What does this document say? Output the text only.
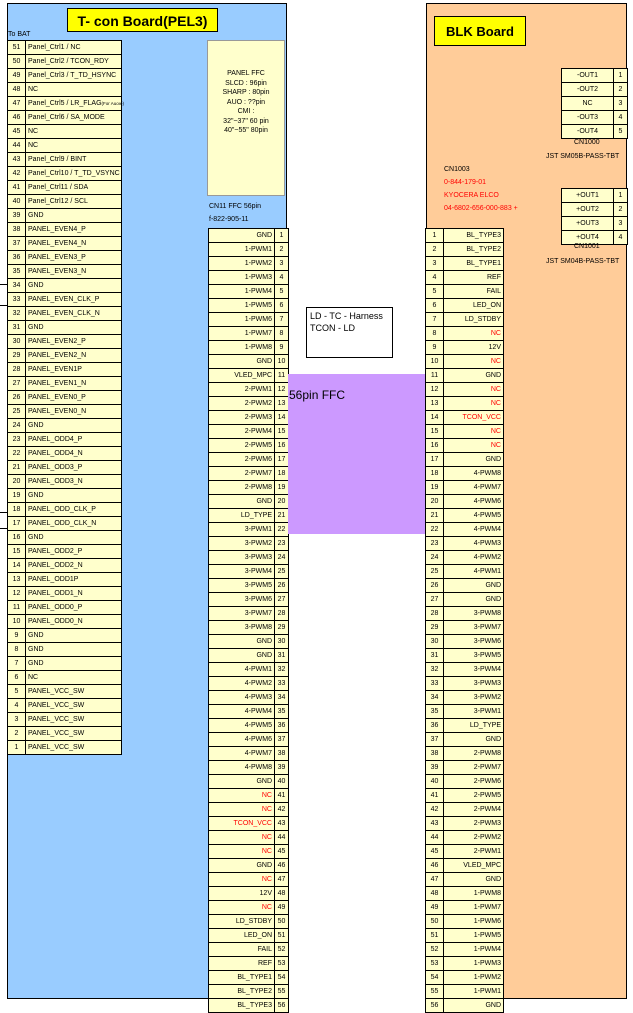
T- con Board(PEL3)
To BAT
51	Panel_Ctrl1 / NC
50	Panel_Ctrl2 / TCON_RDY
49	Panel_Ctrl3 / T_TD_HSYNC
48	NC
47	Panel_Ctrl5 / LR_FLAG(For Auoıe)
46	Panel_Ctrl6 / SA_MODE
45	NC
44	NC
43	Panel_Ctrl9 / BINT
42	Panel_Ctrl10 / T_TD_VSYNC
41	Panel_Ctrl11 / SDA
40	Panel_Ctrl12 / SCL
39	GND
38	PANEL_EVEN4_P
37	PANEL_EVEN4_N
36	PANEL_EVEN3_P
35	PANEL_EVEN3_N
34	GND
33	PANEL_EVEN_CLK_P
32	PANEL_EVEN_CLK_N
31	GND
30	PANEL_EVEN2_P
29	PANEL_EVEN2_N
28	PANEL_EVEN1P
27	PANEL_EVEN1_N
26	PANEL_EVEN0_P
25	PANEL_EVEN0_N
24	GND
23	PANEL_ODD4_P
22	PANEL_ODD4_N
21	PANEL_ODD3_P
20	PANEL_ODD3_N
19	GND
18	PANEL_ODD_CLK_P
17	PANEL_ODD_CLK_N
16	GND
15	PANEL_ODD2_P
14	PANEL_ODD2_N
13	PANEL_ODD1P
12	PANEL_ODD1_N
11	PANEL_ODD0_P
10	PANEL_ODD0_N
9	GND
8	GND
7	GND
6	NC
5	PANEL_VCC_SW
4	PANEL_VCC_SW
3	PANEL_VCC_SW
2	PANEL_VCC_SW
1	PANEL_VCC_SW
PANEL FFC
SLCD : 96pin
SHARP : 80pin
AUO : ??pin
CMI :
32"~37" 60 pin
40"~55" 80pin
CN11 FFC 56pin
f-822-905-11
GND	1
1-PWM1	2
1-PWM2	3
1-PWM3	4
1-PWM4	5
1-PWM5	6
1-PWM6	7
1-PWM7	8
1-PWM8	9
GND	10
VLED_MPC	11
2-PWM1	12
2-PWM2	13
2-PWM3	14
2-PWM4	15
2-PWM5	16
2-PWM6	17
2-PWM7	18
2-PWM8	19
GND	20
LD_TYPE	21
3-PWM1	22
3-PWM2	23
3-PWM3	24
3-PWM4	25
3-PWM5	26
3-PWM6	27
3-PWM7	28
3-PWM8	29
GND	30
GND	31
4-PWM1	32
4-PWM2	33
4-PWM3	34
4-PWM4	35
4-PWM5	36
4-PWM6	37
4-PWM7	38
4-PWM8	39
GND	40
NC	41
NC	42
TCON_VCC	43
NC	44
NC	45
GND	46
NC	47
12V	48
NC	49
LD_STDBY	50
LED_ON	51
FAIL	52
REF	53
BL_TYPE1	54
BL_TYPE2	55
BL_TYPE3	56
56pin FFC
LD - TC - Harness
TCON - LD
BLK Board
-OUT1	1
-OUT2	2
NC	3
-OUT3	4
-OUT4	5
CN1000
JST SM05B-PASS-TBT
CN1003
0-844-179-01
KYOCERA ELCO
04-6802-656-000-883 +
+OUT1	1
+OUT2	2
+OUT3	3
+OUT4	4
CN1001
JST SM04B-PASS-TBT
1	BL_TYPE3
2	BL_TYPE2
3	BL_TYPE1
4	REF
5	FAIL
6	LED_ON
7	LD_STDBY
8	NC
9	12V
10	NC
11	GND
12	NC
13	NC
14	TCON_VCC
15	NC
16	NC
17	GND
18	4-PWM8
19	4-PWM7
20	4-PWM6
21	4-PWM5
22	4-PWM4
23	4-PWM3
24	4-PWM2
25	4-PWM1
26	GND
27	GND
28	3-PWM8
29	3-PWM7
30	3-PWM6
31	3-PWM5
32	3-PWM4
33	3-PWM3
34	3-PWM2
35	3-PWM1
36	LD_TYPE
37	GND
38	2-PWM8
39	2-PWM7
40	2-PWM6
41	2-PWM5
42	2-PWM4
43	2-PWM3
44	2-PWM2
45	2-PWM1
46	VLED_MPC
47	GND
48	1-PWM8
49	1-PWM7
50	1-PWM6
51	1-PWM5
52	1-PWM4
53	1-PWM3
54	1-PWM2
55	1-PWM1
56	GND
